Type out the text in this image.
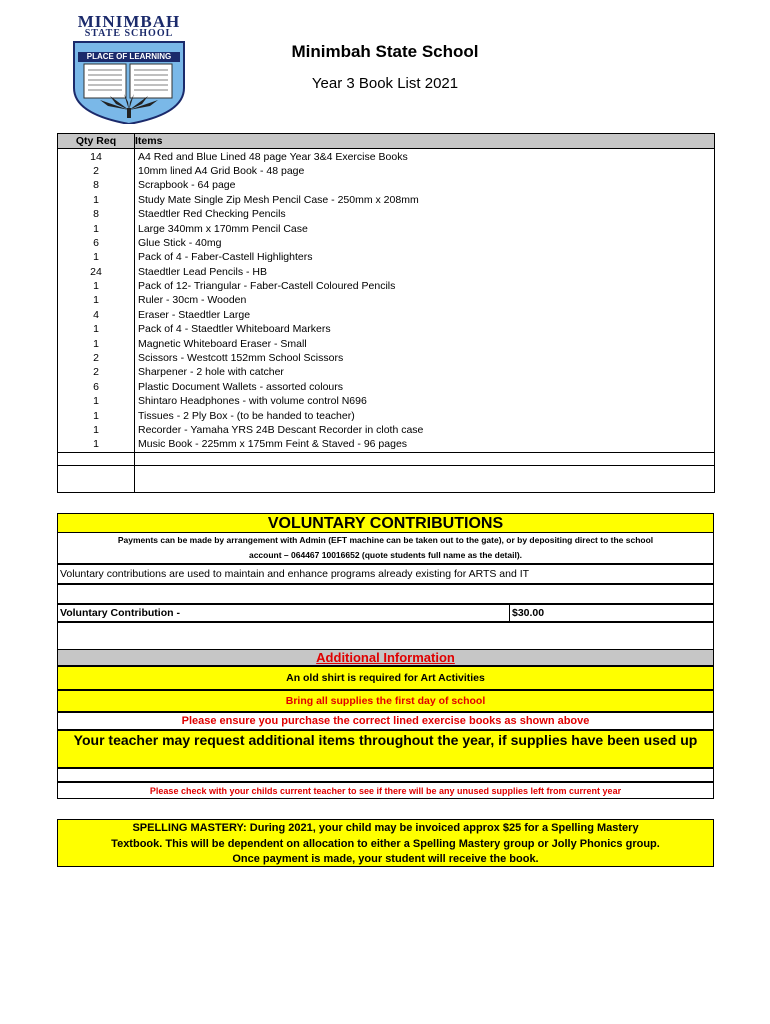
MINIMBAH
STATE SCHOOL
PLACE OF LEARNING	Minimbah State School
Year 3 Book List 2021
Qty Req	Items
14	A4 Red and Blue Lined 48 page Year 3&4 Exercise Books
2	10mm lined A4 Grid Book - 48 page
8	Scrapbook - 64 page
1	Study Mate Single Zip Mesh Pencil Case - 250mm x 208mm
8	Staedtler Red Checking Pencils
1	Large 340mm x 170mm Pencil Case
6	Glue Stick - 40mg
1	Pack of 4 - Faber-Castell Highlighters
24	Staedtler Lead Pencils - HB
1	Pack of 12- Triangular - Faber-Castell Coloured Pencils
1	Ruler - 30cm - Wooden
4	Eraser - Staedtler Large
1	Pack of 4 - Staedtler Whiteboard Markers
1	Magnetic Whiteboard Eraser - Small
2	Scissors - Westcott 152mm School Scissors
2	Sharpener - 2 hole with catcher
6	Plastic Document Wallets - assorted colours
1	Shintaro Headphones - with volume control N696
1	Tissues - 2 Ply Box - (to be handed to teacher)
1	Recorder - Yamaha YRS 24B Descant Recorder in cloth case
1	Music Book - 225mm x 175mm Feint & Staved - 96 pages

VOLUNTARY CONTRIBUTIONS
Payments can be made by arrangement with Admin (EFT machine can be taken out to the gate), or by depositing direct to the school
account – 064467 10016652 (quote students full name as the detail).
Voluntary contributions are used to maintain and enhance programs already existing for ARTS and IT
Voluntary Contribution -	$30.00
Additional Information
An old shirt is required for Art Activities
Bring all supplies the first day of school
Please ensure you purchase the correct lined exercise books as shown above
Your teacher may request additional items throughout the year, if supplies have been used up
Please check with your childs current teacher to see if there will be any unused supplies left from current year
SPELLING MASTERY: During 2021, your child may be invoiced approx $25 for a Spelling Mastery
Textbook. This will be dependent on allocation to either a Spelling Mastery group or Jolly Phonics group.
Once payment is made, your student will receive the book.
